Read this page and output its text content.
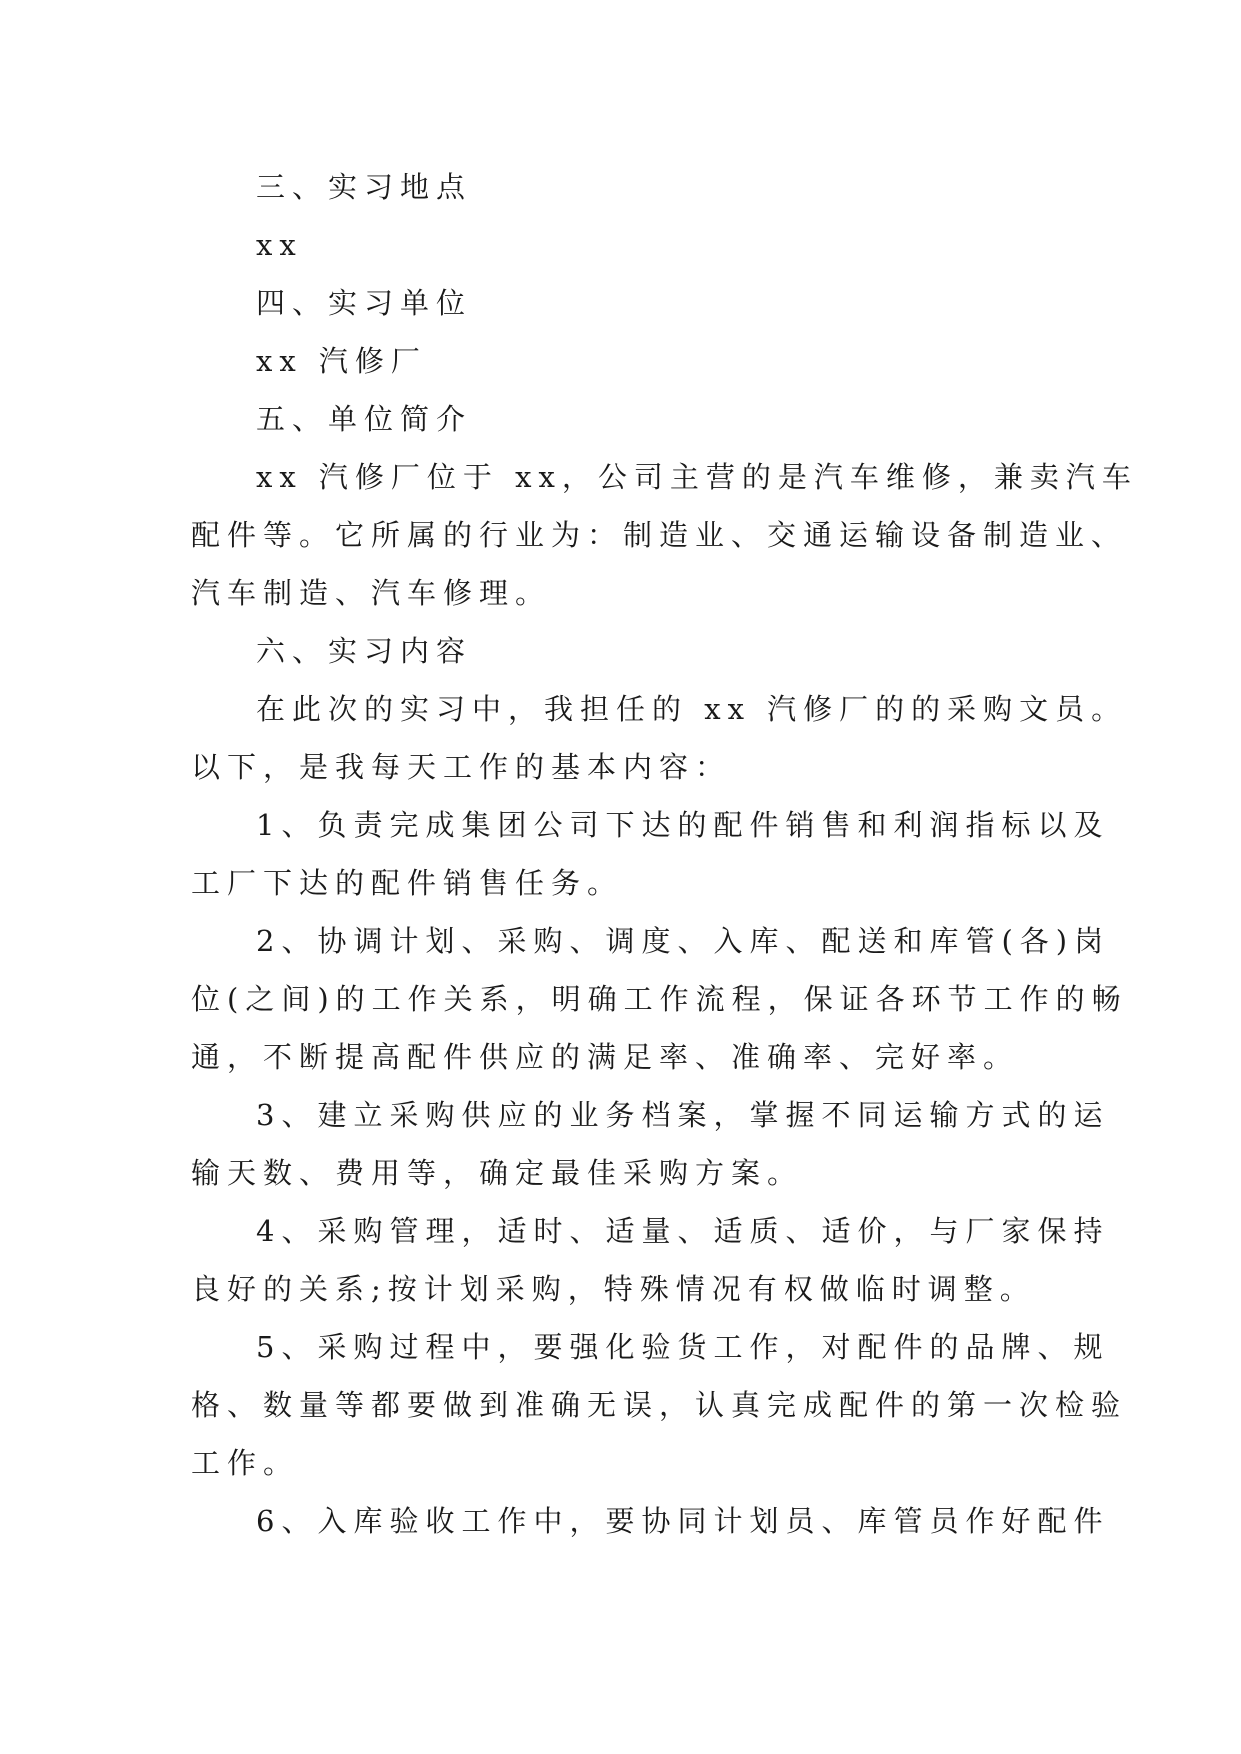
三、实习地点

xx

四、实习单位

xx 汽修厂

五、单位简介

xx 汽修厂位于 xx，公司主营的是汽车维修，兼卖汽车

配件等。它所属的行业为：制造业、交通运输设备制造业、

汽车制造、汽车修理。

六、实习内容

在此次的实习中，我担任的 xx 汽修厂的的采购文员。

以下，是我每天工作的基本内容：

1、负责完成集团公司下达的配件销售和利润指标以及

工厂下达的配件销售任务。

2、协调计划、采购、调度、入库、配送和库管(各)岗

位(之间)的工作关系，明确工作流程，保证各环节工作的畅

通，不断提高配件供应的满足率、准确率、完好率。

3、建立采购供应的业务档案，掌握不同运输方式的运

输天数、费用等，确定最佳采购方案。

4、采购管理，适时、适量、适质、适价，与厂家保持

良好的关系;按计划采购，特殊情况有权做临时调整。

5、采购过程中，要强化验货工作，对配件的品牌、规

格、数量等都要做到准确无误，认真完成配件的第一次检验

工作。

6、入库验收工作中，要协同计划员、库管员作好配件
